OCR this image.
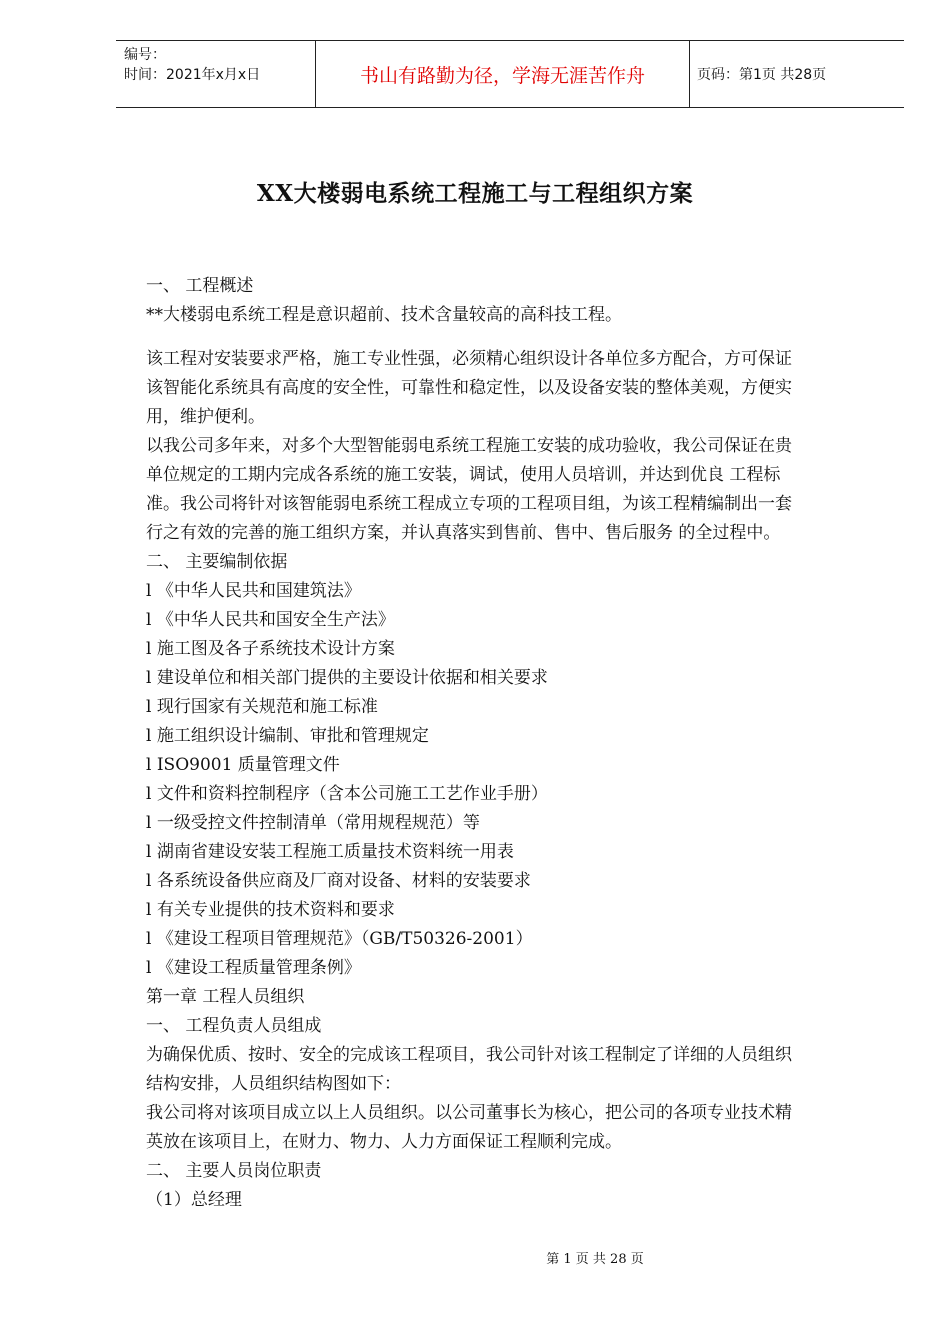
编号：
时间：2021年x月x日	书山有路勤为径，学海无涯苦作舟	页码：第1页 共28页
XX大楼弱电系统工程施工与工程组织方案
一、 工程概述
**大楼弱电系统工程是意识超前、技术含量较高的高科技工程。
该工程对安装要求严格，施工专业性强，必须精心组织设计各单位多方配合，方可保证
该智能化系统具有高度的安全性，可靠性和稳定性，以及设备安装的整体美观，方便实
用，维护便利。
以我公司多年来，对多个大型智能弱电系统工程施工安装的成功验收，我公司保证在贵
单位规定的工期内完成各系统的施工安装，调试，使用人员培训，并达到优良 工程标
准。我公司将针对该智能弱电系统工程成立专项的工程项目组，为该工程精编制出一套
行之有效的完善的施工组织方案，并认真落实到售前、售中、售后服务 的全过程中。
二、 主要编制依据
l 《中华人民共和国建筑法》
l 《中华人民共和国安全生产法》
l 施工图及各子系统技术设计方案
l 建设单位和相关部门提供的主要设计依据和相关要求
l 现行国家有关规范和施工标准
l 施工组织设计编制、审批和管理规定
l ISO9001 质量管理文件
l 文件和资料控制程序（含本公司施工工艺作业手册）
l 一级受控文件控制清单（常用规程规范）等
l 湖南省建设安装工程施工质量技术资料统一用表
l 各系统设备供应商及厂商对设备、材料的安装要求
l 有关专业提供的技术资料和要求
l 《建设工程项目管理规范》（GB/T50326-2001）
l 《建设工程质量管理条例》
第一章 工程人员组织
一、 工程负责人员组成
为确保优质、按时、安全的完成该工程项目，我公司针对该工程制定了详细的人员组织
结构安排，人员组织结构图如下：
我公司将对该项目成立以上人员组织。以公司董事长为核心，把公司的各项专业技术精
英放在该项目上，在财力、物力、人力方面保证工程顺利完成。
二、 主要人员岗位职责
（1）总经理
第 1 页 共 28 页
